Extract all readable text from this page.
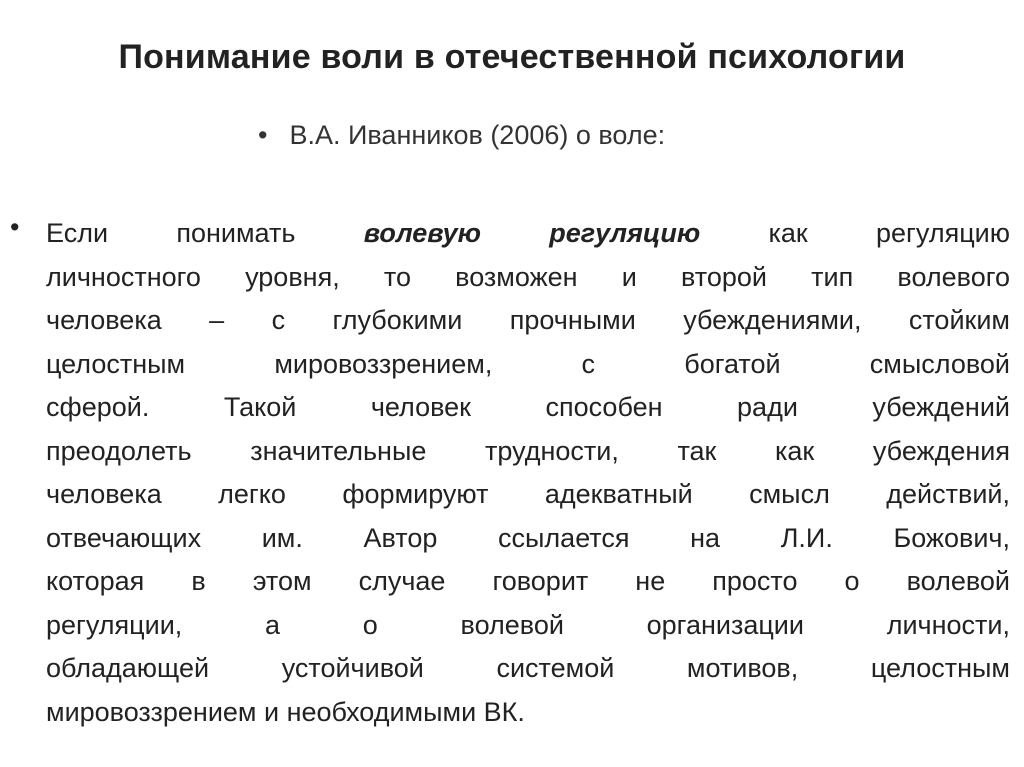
Понимание воли в отечественной психологии
• В.А. Иванников (2006) о воле:
• Если понимать волевую регуляцию как регуляцию
личностного уровня, то возможен и второй тип волевого
человека – с глубокими прочными убеждениями, стойким
целостным мировоззрением, с богатой смысловой
сферой. Такой человек способен ради убеждений
преодолеть значительные трудности, так как убеждения
человека легко формируют адекватный смысл действий,
отвечающих им. Автор ссылается на Л.И. Божович,
которая в этом случае говорит не просто о волевой
регуляции, а о волевой организации личности,
обладающей устойчивой системой мотивов, целостным
мировоззрением и необходимыми ВК.
